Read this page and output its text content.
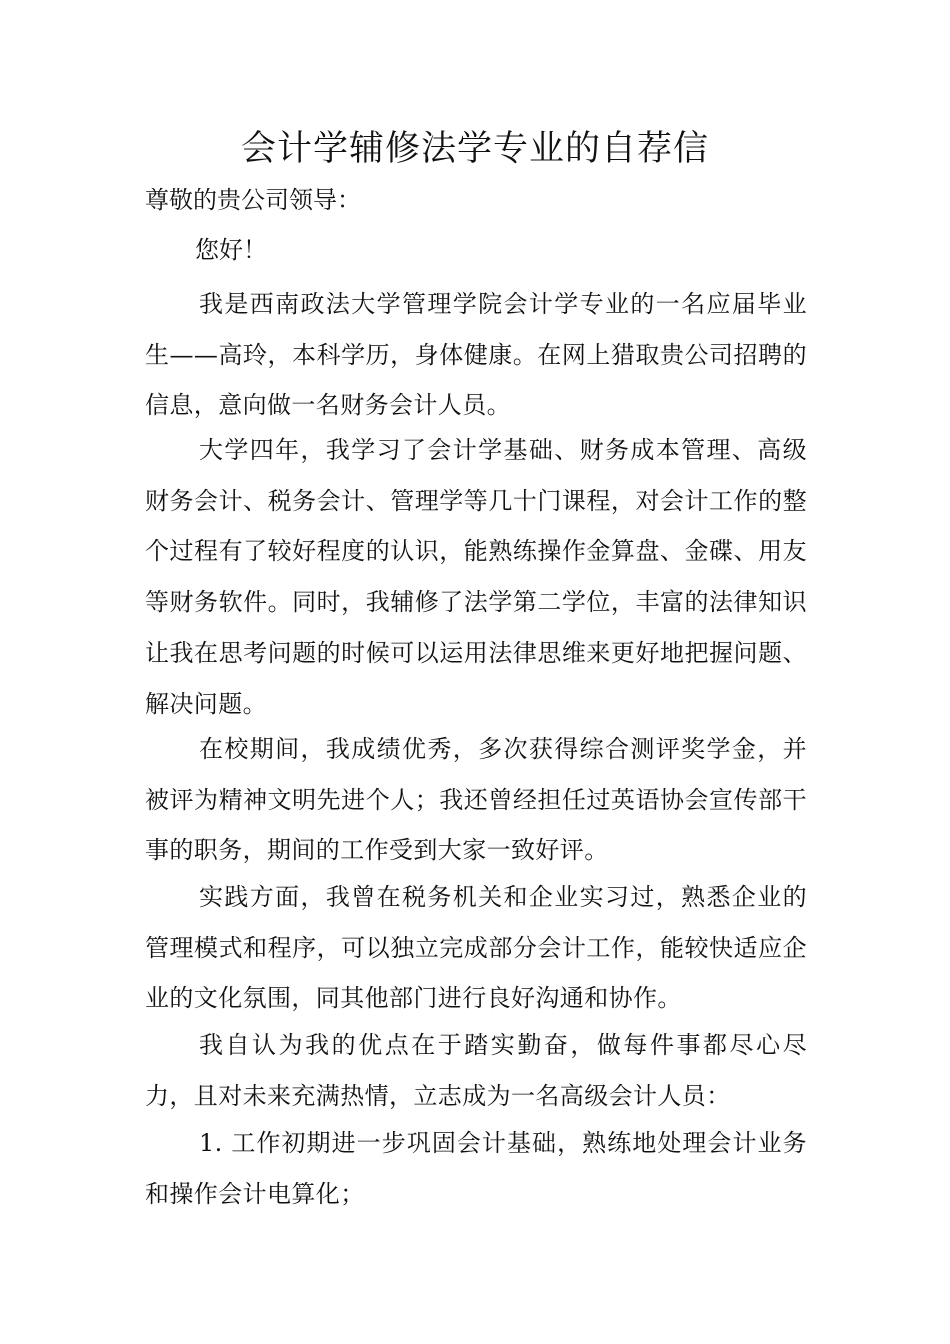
会计学辅修法学专业的自荐信

尊敬的贵公司领导：

您好！

我是西南政法大学管理学院会计学专业的一名应届毕业生——高玲，本科学历，身体健康。在网上猎取贵公司招聘的信息，意向做一名财务会计人员。

大学四年，我学习了会计学基础、财务成本管理、高级财务会计、税务会计、管理学等几十门课程，对会计工作的整个过程有了较好程度的认识，能熟练操作金算盘、金碟、用友等财务软件。同时，我辅修了法学第二学位，丰富的法律知识让我在思考问题的时候可以运用法律思维来更好地把握问题、解决问题。

在校期间，我成绩优秀，多次获得综合测评奖学金，并被评为精神文明先进个人；我还曾经担任过英语协会宣传部干事的职务，期间的工作受到大家一致好评。

实践方面，我曾在税务机关和企业实习过，熟悉企业的管理模式和程序，可以独立完成部分会计工作，能较快适应企业的文化氛围，同其他部门进行良好沟通和协作。

我自认为我的优点在于踏实勤奋，做每件事都尽心尽力，且对未来充满热情，立志成为一名高级会计人员：

1. 工作初期进一步巩固会计基础，熟练地处理会计业务和操作会计电算化；
